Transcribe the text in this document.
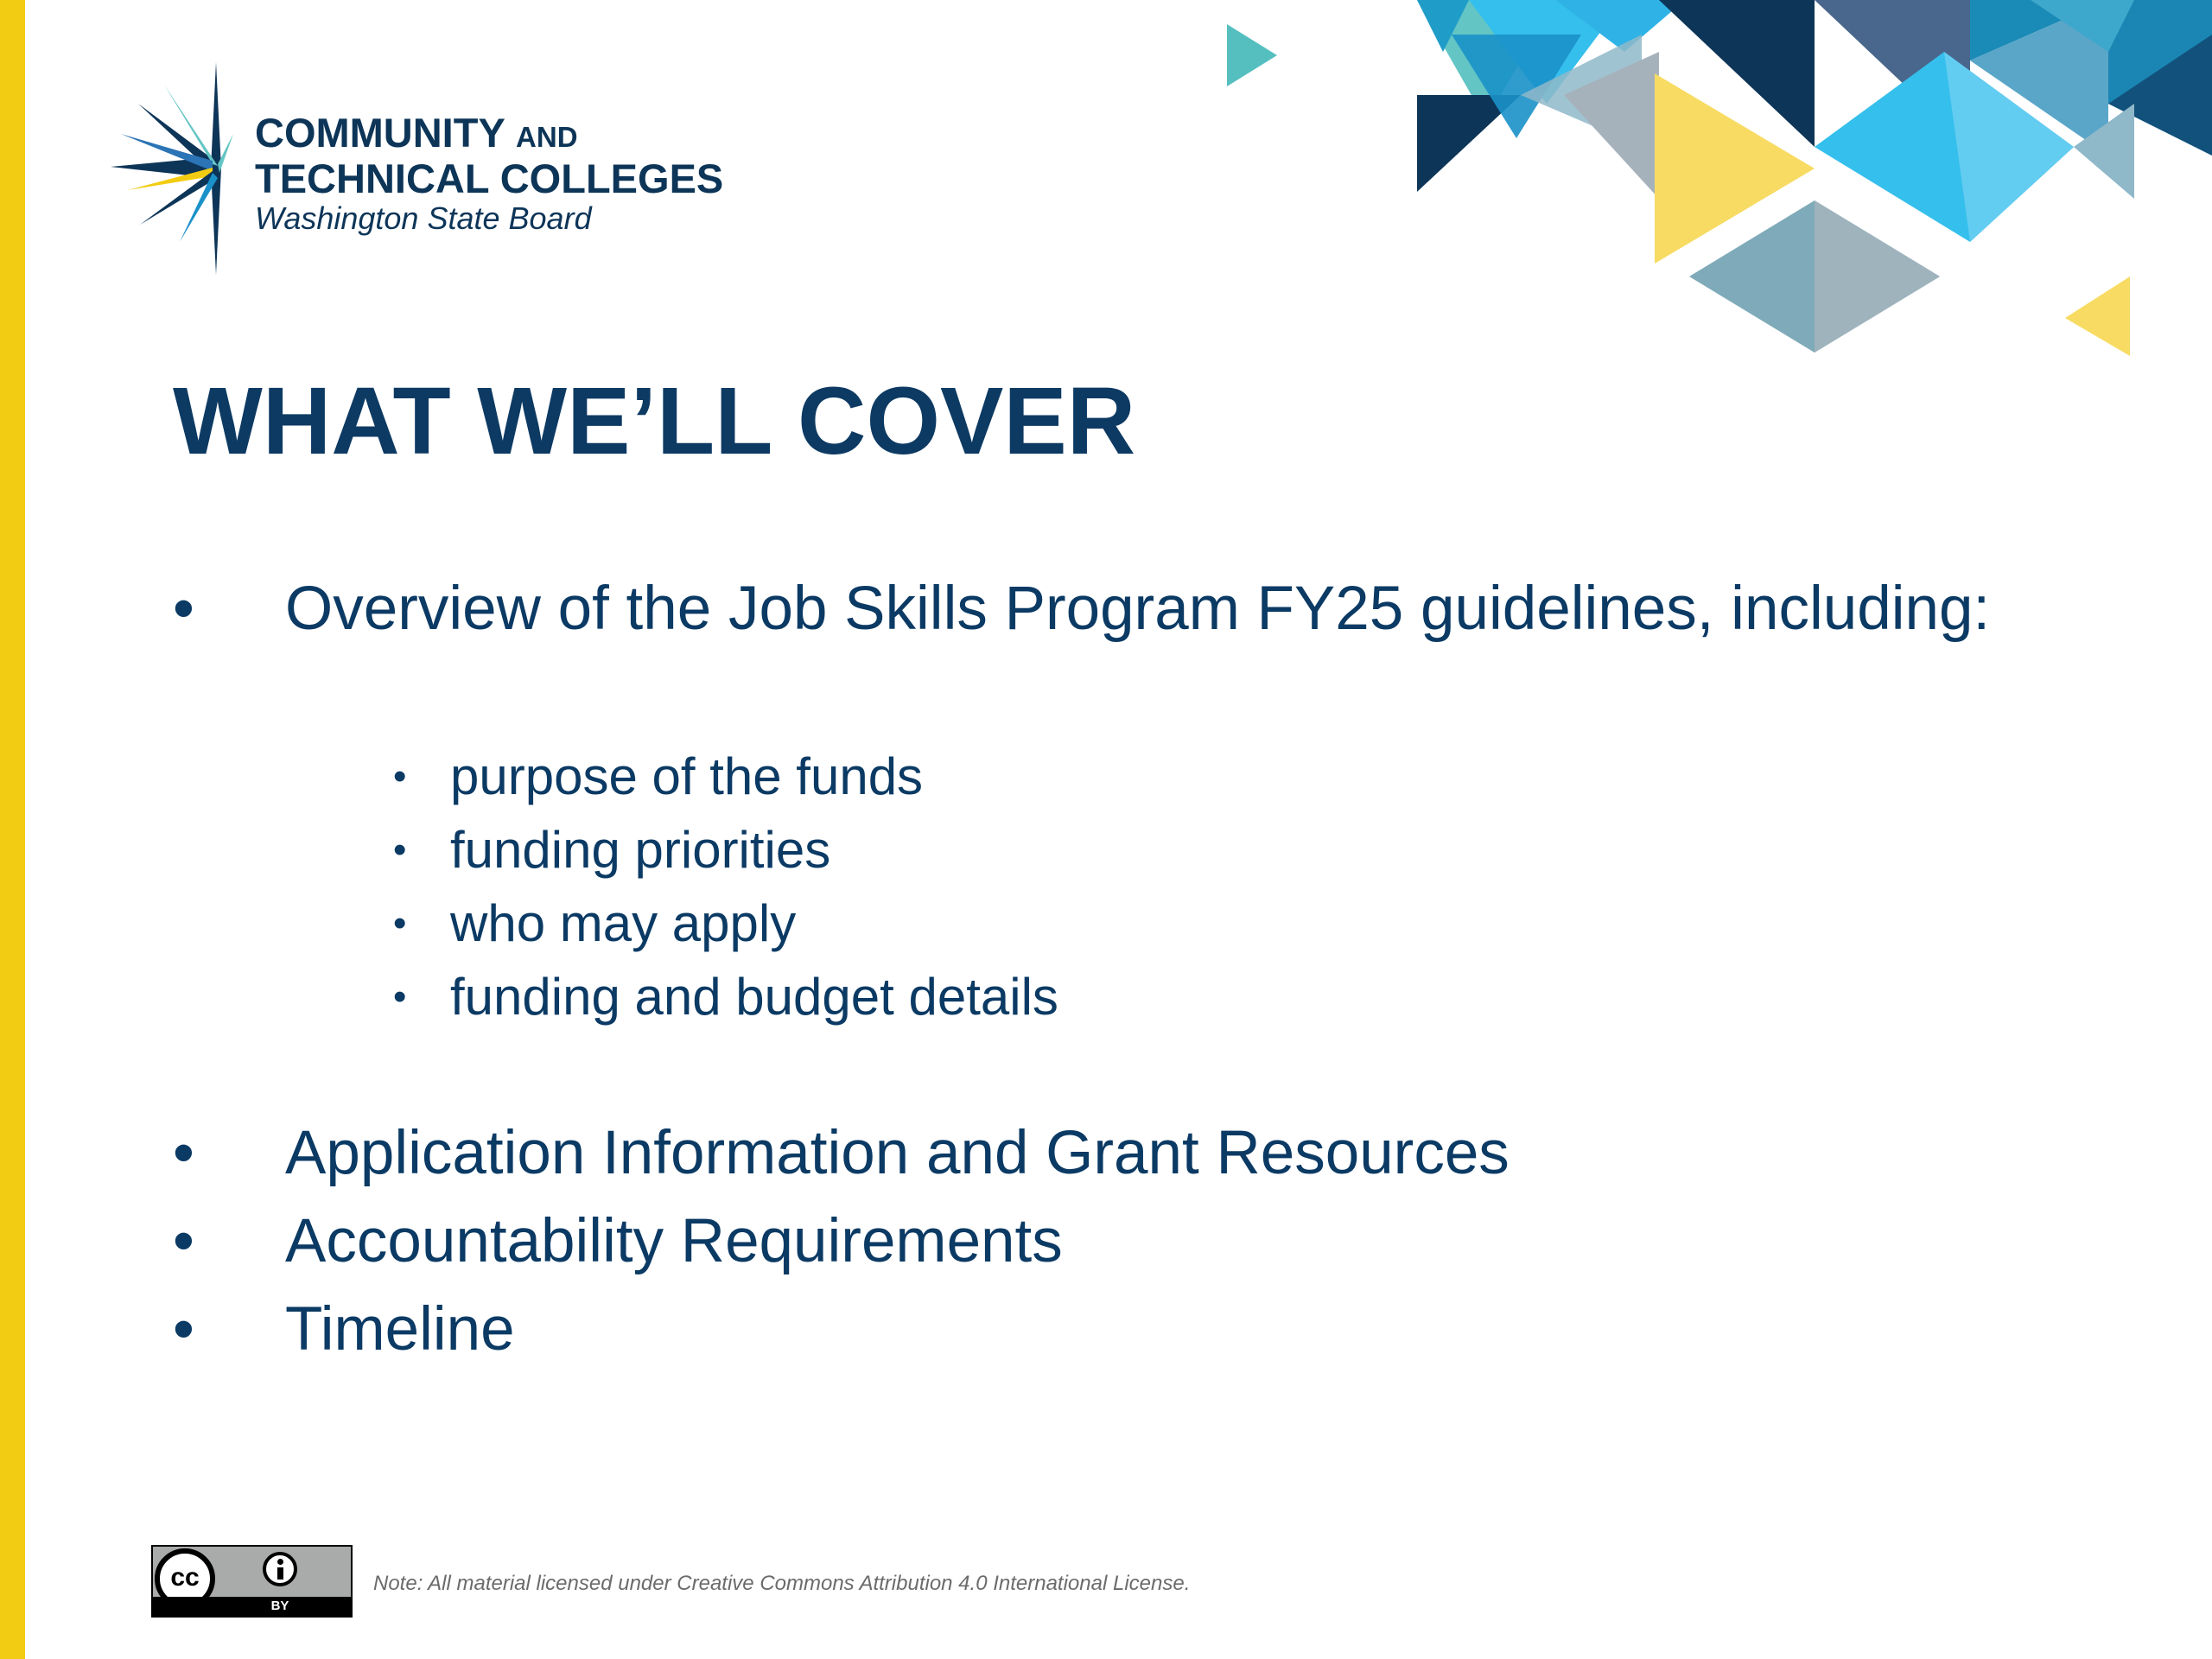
COMMUNITY AND
TECHNICAL COLLEGES
Washington State Board
WHAT WE’LL COVER
•	Overview of the Job Skills Program FY25 guidelines, including:
• purpose of the funds
• funding priorities
• who may apply
• funding and budget details
•	Application Information and Grant Resources
•	Accountability Requirements
•	Timeline
cc
BY
Note: All material licensed under Creative Commons Attribution 4.0 International License.
